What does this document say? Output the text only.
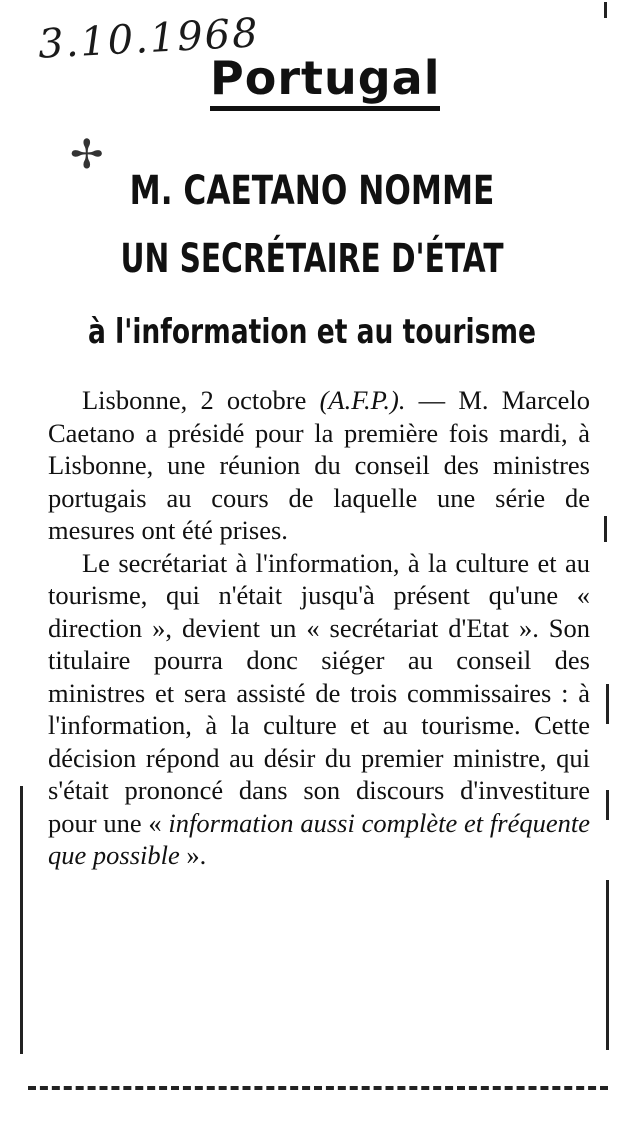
3.10.1968
Portugal
✢
M. CAETANO NOMME
UN SECRÉTAIRE D'ÉTAT
à l'information et au tourisme

Lisbonne, 2 octobre (A.F.P.). — M. Marcelo Caetano a présidé pour la première fois mardi, à Lisbonne, une réunion du conseil des ministres portugais au cours de laquelle une série de mesures ont été prises.

Le secrétariat à l'information, à la culture et au tourisme, qui n'était jusqu'à présent qu'une « direction », devient un « secrétariat d'Etat ». Son titulaire pourra donc siéger au conseil des ministres et sera assisté de trois commissaires : à l'information, à la culture et au tourisme. Cette décision répond au désir du premier ministre, qui s'était prononcé dans son discours d'investiture pour une « information aussi complète et fréquente que possible ».
